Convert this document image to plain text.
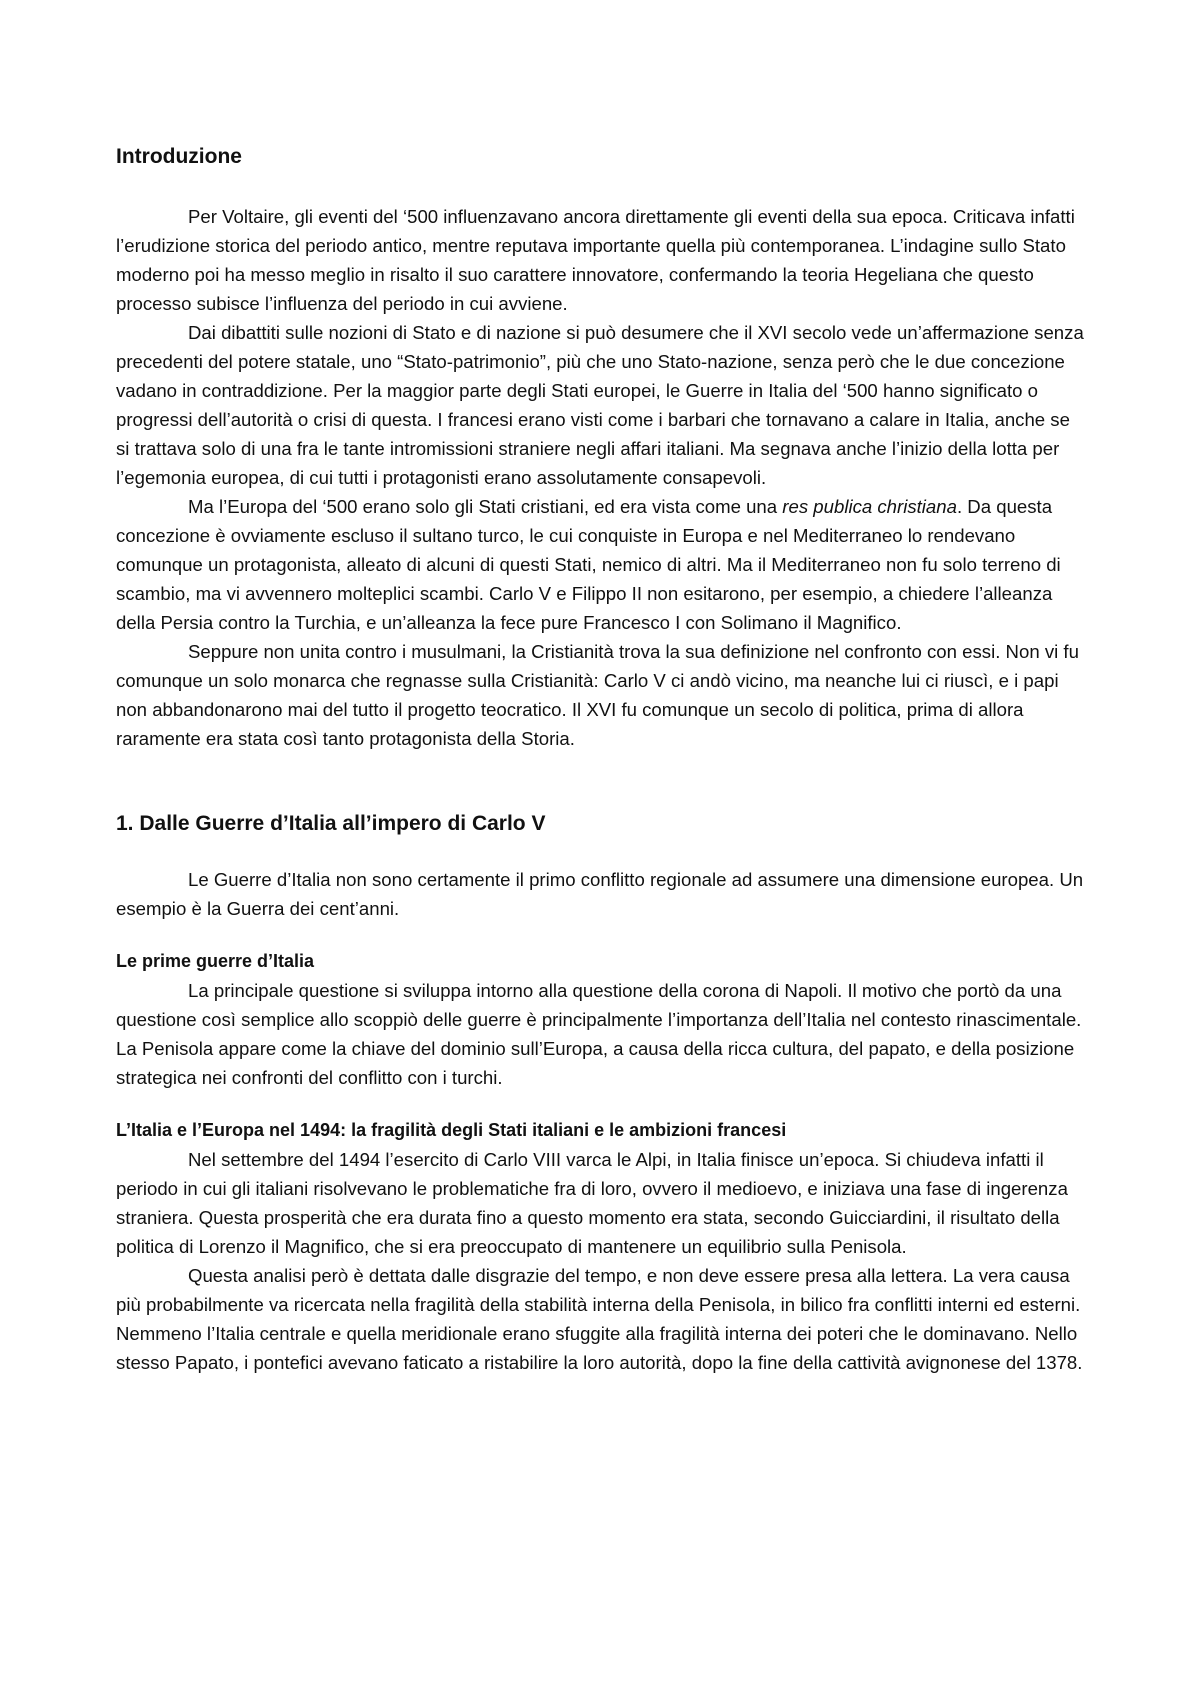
Introduzione

Per Voltaire, gli eventi del ‘500 influenzavano ancora direttamente gli eventi della sua epoca. Criticava infatti l’erudizione storica del periodo antico, mentre reputava importante quella più contemporanea. L’indagine sullo Stato moderno poi ha messo meglio in risalto il suo carattere innovatore, confermando la teoria Hegeliana che questo processo subisce l’influenza del periodo in cui avviene.

Dai dibattiti sulle nozioni di Stato e di nazione si può desumere che il XVI secolo vede un’affermazione senza precedenti del potere statale, uno “Stato-patrimonio”, più che uno Stato-nazione, senza però che le due concezione vadano in contraddizione. Per la maggior parte degli Stati europei, le Guerre in Italia del ‘500 hanno significato o progressi dell’autorità o crisi di questa. I francesi erano visti come i barbari che tornavano a calare in Italia, anche se si trattava solo di una fra le tante intromissioni straniere negli affari italiani. Ma segnava anche l’inizio della lotta per l’egemonia europea, di cui tutti i protagonisti erano assolutamente consapevoli.

Ma l’Europa del ‘500 erano solo gli Stati cristiani, ed era vista come una res publica christiana. Da questa concezione è ovviamente escluso il sultano turco, le cui conquiste in Europa e nel Mediterraneo lo rendevano comunque un protagonista, alleato di alcuni di questi Stati, nemico di altri. Ma il Mediterraneo non fu solo terreno di scambio, ma vi avvennero molteplici scambi. Carlo V e Filippo II non esitarono, per esempio, a chiedere l’alleanza della Persia contro la Turchia, e un’alleanza la fece pure Francesco I con Solimano il Magnifico.

Seppure non unita contro i musulmani, la Cristianità trova la sua definizione nel confronto con essi. Non vi fu comunque un solo monarca che regnasse sulla Cristianità: Carlo V ci andò vicino, ma neanche lui ci riuscì, e i papi non abbandonarono mai del tutto il progetto teocratico. Il XVI fu comunque un secolo di politica, prima di allora raramente era stata così tanto protagonista della Storia.

1. Dalle Guerre d’Italia all’impero di Carlo V

Le Guerre d’Italia non sono certamente il primo conflitto regionale ad assumere una dimensione europea. Un esempio è la Guerra dei cent’anni.

Le prime guerre d’Italia

La principale questione si sviluppa intorno alla questione della corona di Napoli. Il motivo che portò da una questione così semplice allo scoppiò delle guerre è principalmente l’importanza dell’Italia nel contesto rinascimentale. La Penisola appare come la chiave del dominio sull’Europa, a causa della ricca cultura, del papato, e della posizione strategica nei confronti del conflitto con i turchi.

L’Italia e l’Europa nel 1494: la fragilità degli Stati italiani e le ambizioni francesi

Nel settembre del 1494 l’esercito di Carlo VIII varca le Alpi, in Italia finisce un’epoca. Si chiudeva infatti il periodo in cui gli italiani risolvevano le problematiche fra di loro, ovvero il medioevo, e iniziava una fase di ingerenza straniera. Questa prosperità che era durata fino a questo momento era stata, secondo Guicciardini, il risultato della politica di Lorenzo il Magnifico, che si era preoccupato di mantenere un equilibrio sulla Penisola.

Questa analisi però è dettata dalle disgrazie del tempo, e non deve essere presa alla lettera. La vera causa più probabilmente va ricercata nella fragilità della stabilità interna della Penisola, in bilico fra conflitti interni ed esterni. Nemmeno l’Italia centrale e quella meridionale erano sfuggite alla fragilità interna dei poteri che le dominavano. Nello stesso Papato, i pontefici avevano faticato a ristabilire la loro autorità, dopo la fine della cattività avignonese del 1378.
